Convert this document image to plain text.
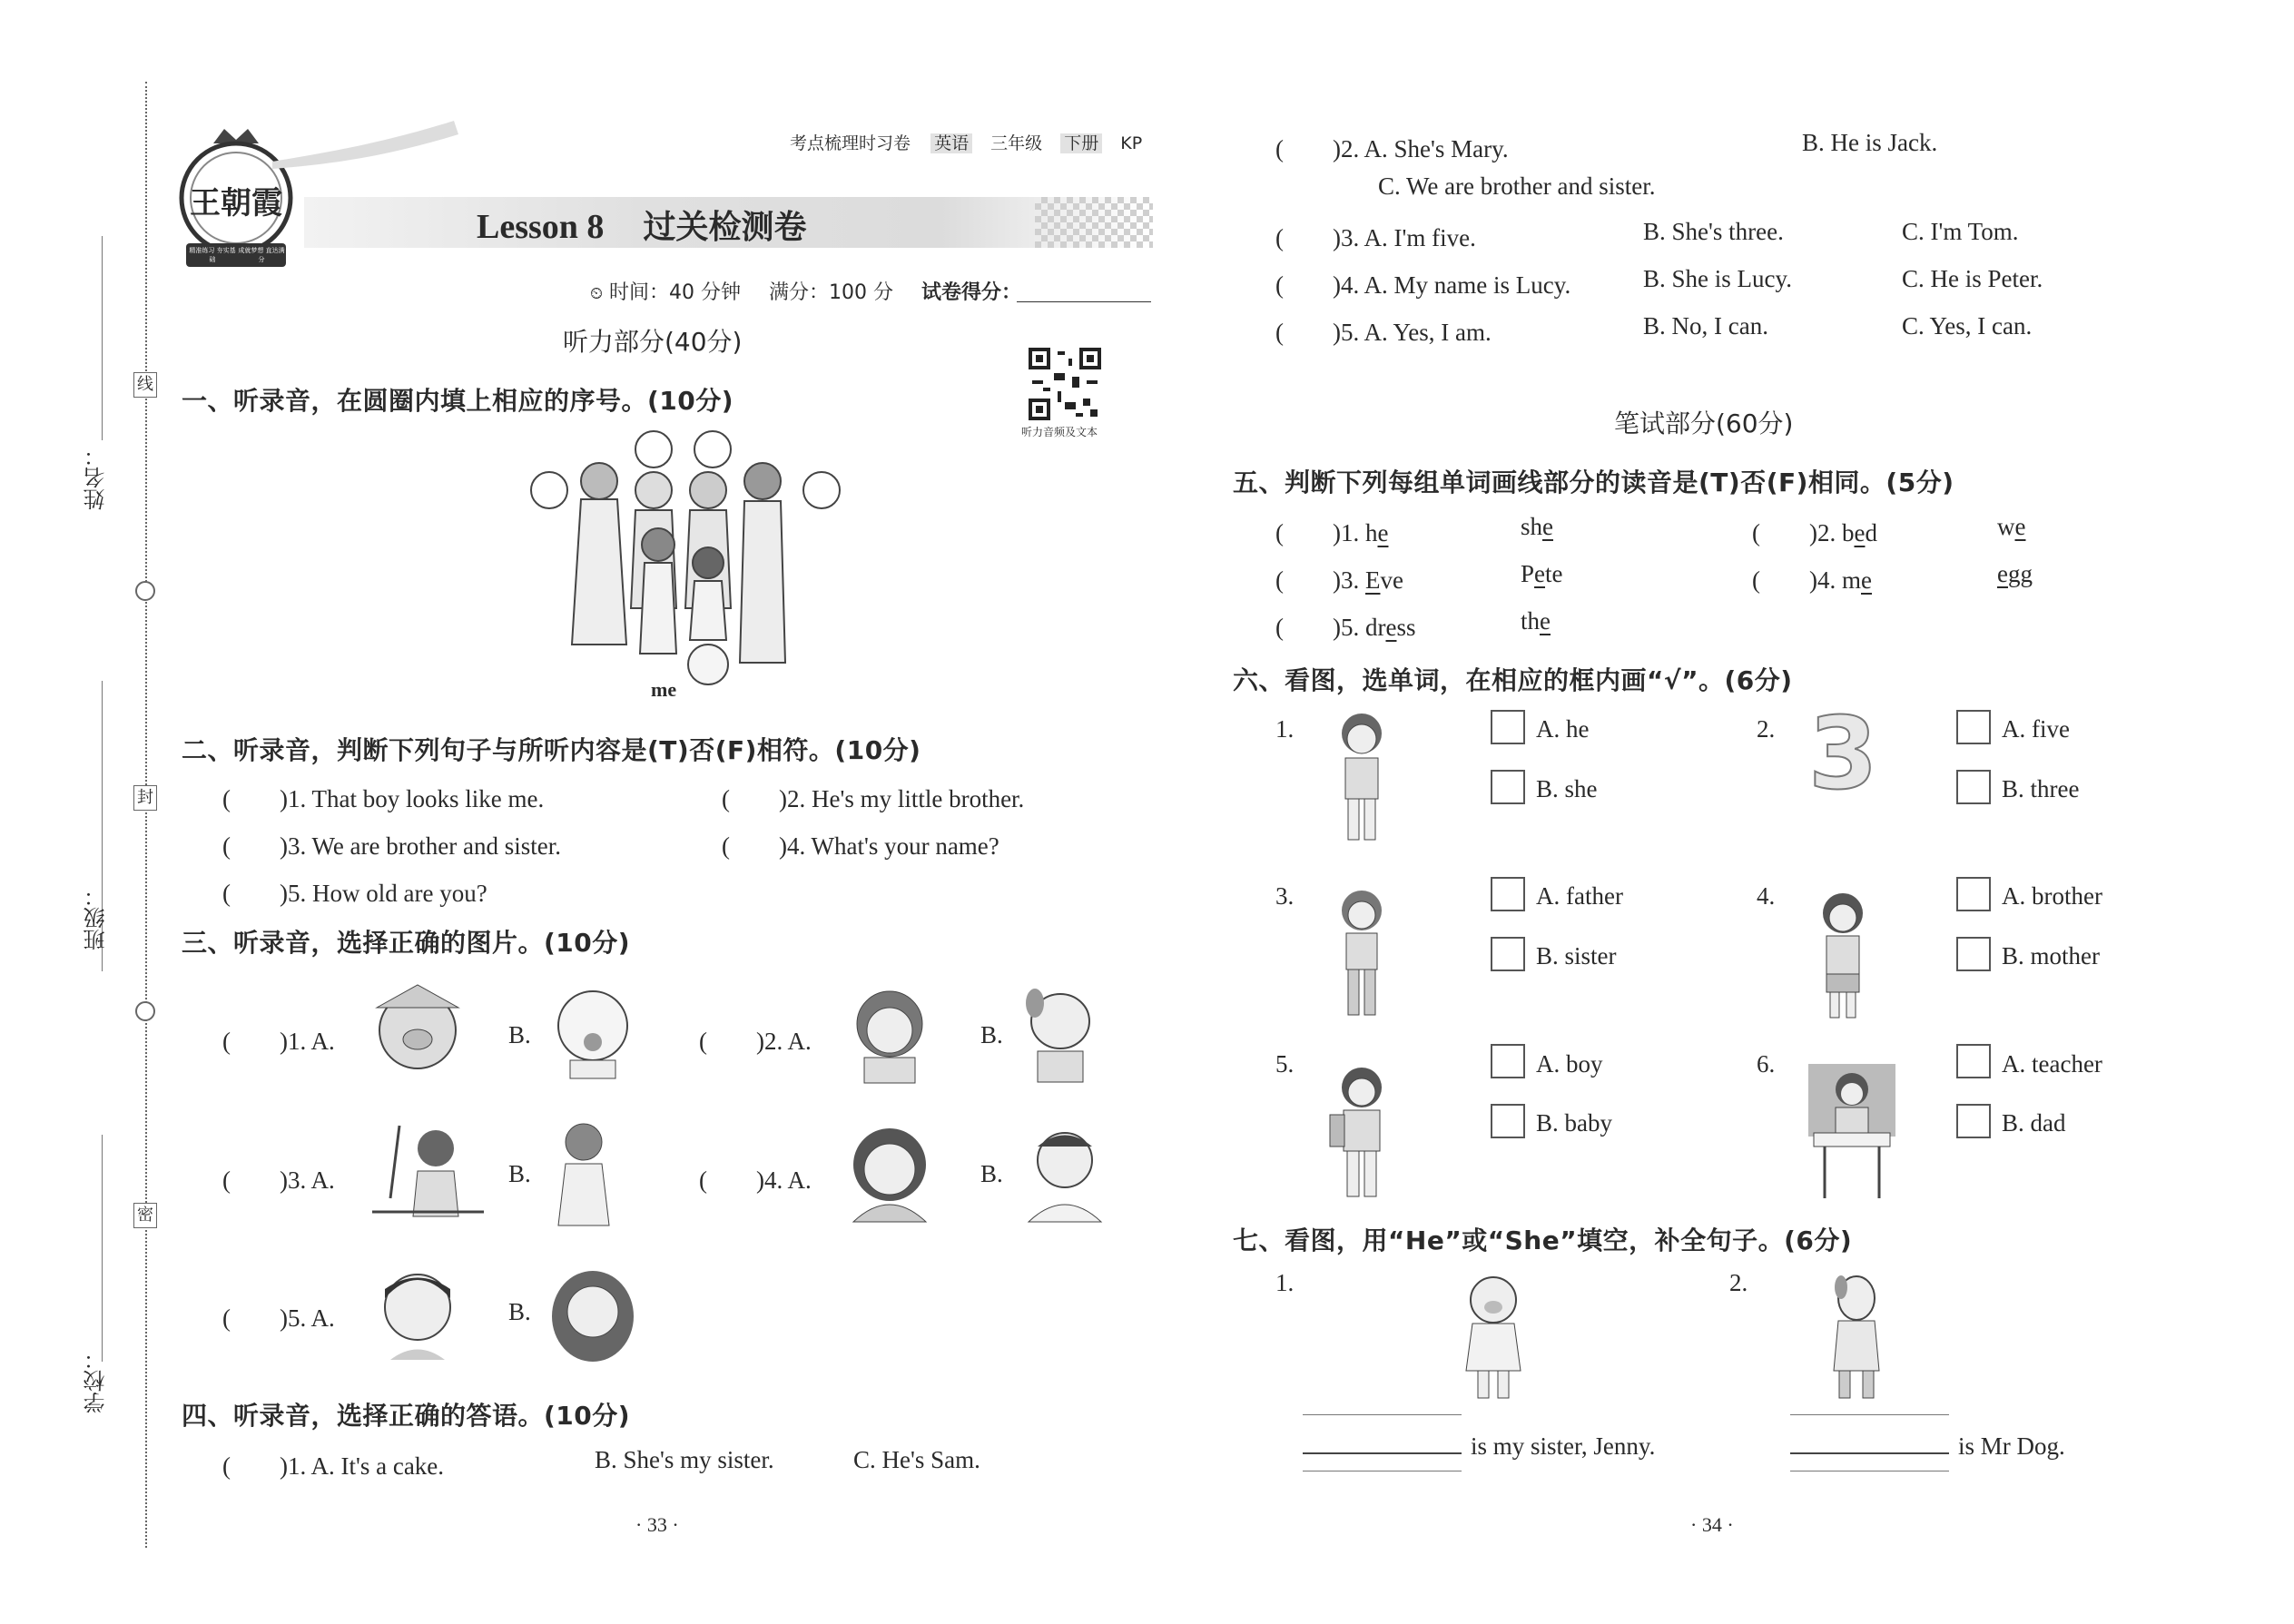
姓名：
班级：
学校：
线
封
密
王朝霞
精准练习 夯实基础
成就梦想 直达满分
考点梳理时习卷 英语 三年级 下册 KP
Lesson 8 过关检测卷
⏲ 时间：40 分钟 满分：100 分 试卷得分：
听力部分(40分)
听力音频及文本
一、听录音，在圆圈内填上相应的序号。(10分)
me
二、听录音，判断下列句子与所听内容是(T)否(F)相符。(10分)
(　　)1. That boy looks like me.	(　　)2. He's my little brother.
(　　)3. We are brother and sister.	(　　)4. What's your name?
(　　)5. How old are you?
三、听录音，选择正确的图片。(10分)
(　　)1. A.	B.	(　　)2. A.	B.
(　　)3. A.	B.	(　　)4. A.	B.
(　　)5. A.	B.
四、听录音，选择正确的答语。(10分)
(　　)1. A. It's a cake.	B. She's my sister.	C. He's Sam.
· 33 ·
(　　)2. A. She's Mary.	B. He is Jack.
C. We are brother and sister.
(　　)3. A. I'm five.	B. She's three.	C. I'm Tom.
(　　)4. A. My name is Lucy.	B. She is Lucy.	C. He is Peter.
(　　)5. A. Yes, I am.	B. No, I can.	C. Yes, I can.
笔试部分(60分)
五、判断下列每组单词画线部分的读音是(T)否(F)相同。(5分)
(　　)1. he	she	(　　)2. bed	we
(　　)3. Eve	Pete	(　　)4. me	egg
(　　)5. dress	the
六、看图，选单词，在相应的框内画“√”。(6分)
1.	A. he
B. she
2. 3	A. five
B. three
3.	A. father
B. sister
4.	A. brother
B. mother
5.	A. boy
B. baby
6.	A. teacher
B. dad
七、看图，用“He”或“She”填空，补全句子。(6分)
1.
is my sister, Jenny.
2.
is Mr Dog.
· 34 ·
